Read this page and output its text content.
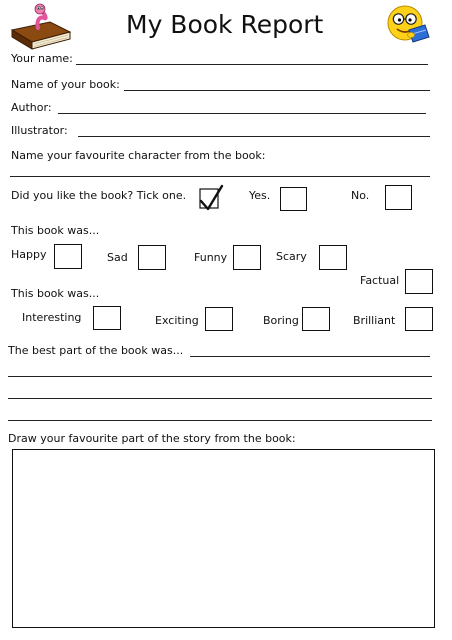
My Book Report
Your name:
Name of your book:
Author:
Illustrator:
Name your favourite character from the book:
Did you like the book? Tick one.	Yes.	No.
This book was...
Happy	Sad	Funny	Scary
Factual
This book was...
Interesting	Exciting	Boring	Brilliant
The best part of the book was...
Draw your favourite part of the story from the book:
